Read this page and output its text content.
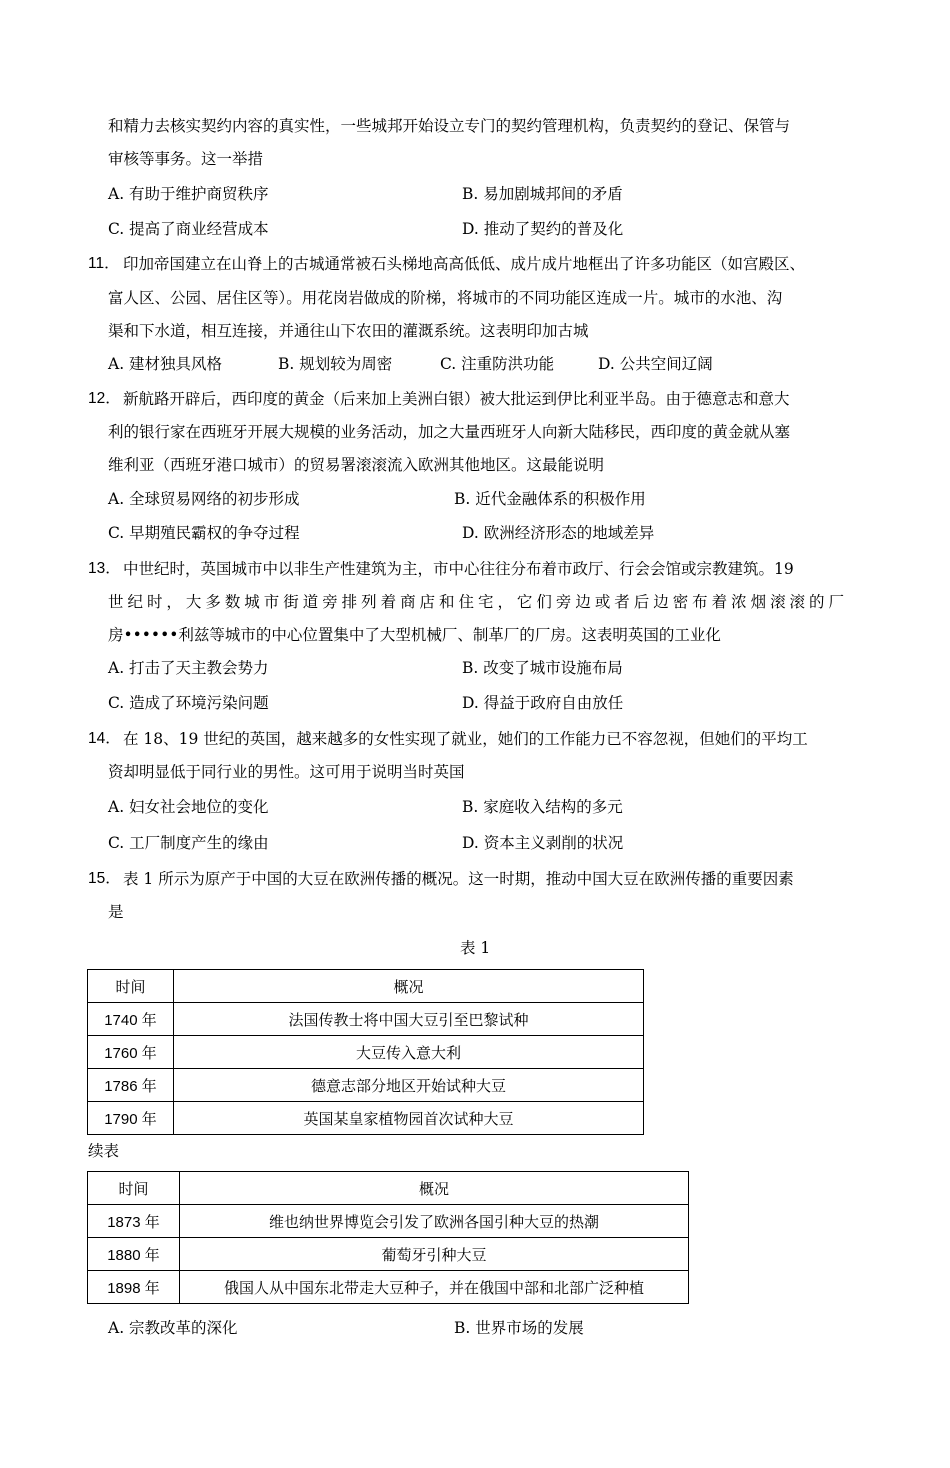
和精力去核实契约内容的真实性，一些城邦开始设立专门的契约管理机构，负责契约的登记、保管与
审核等事务。这一举措
A. 有助于维护商贸秩序	B. 易加剧城邦间的矛盾
C. 提高了商业经营成本	D. 推动了契约的普及化
11． 印加帝国建立在山脊上的古城通常被石头梯地高高低低、成片成片地框出了许多功能区（如宫殿区、
富人区、公园、居住区等）。用花岗岩做成的阶梯，将城市的不同功能区连成一片。城市的水池、沟
渠和下水道，相互连接，并通往山下农田的灌溉系统。这表明印加古城
A. 建材独具风格	B. 规划较为周密	C. 注重防洪功能	D. 公共空间辽阔
12． 新航路开辟后，西印度的黄金（后来加上美洲白银）被大批运到伊比利亚半岛。由于德意志和意大
利的银行家在西班牙开展大规模的业务活动，加之大量西班牙人向新大陆移民，西印度的黄金就从塞
维利亚（西班牙港口城市）的贸易署滚滚流入欧洲其他地区。这最能说明
A. 全球贸易网络的初步形成	B. 近代金融体系的积极作用
C. 早期殖民霸权的争夺过程	D. 欧洲经济形态的地域差异
13． 中世纪时，英国城市中以非生产性建筑为主，市中心往往分布着市政厅、行会会馆或宗教建筑。19
世纪时，大多数城市街道旁排列着商店和住宅，它们旁边或者后边密布着浓烟滚滚的厂
房••••••利兹等城市的中心位置集中了大型机械厂、制革厂的厂房。这表明英国的工业化
A. 打击了天主教会势力	B. 改变了城市设施布局
C. 造成了环境污染问题	D. 得益于政府自由放任
14． 在 18、19 世纪的英国，越来越多的女性实现了就业，她们的工作能力已不容忽视，但她们的平均工
资却明显低于同行业的男性。这可用于说明当时英国
A. 妇女社会地位的变化	B. 家庭收入结构的多元
C. 工厂制度产生的缘由	D. 资本主义剥削的状况
15． 表 1 所示为原产于中国的大豆在欧洲传播的概况。这一时期，推动中国大豆在欧洲传播的重要因素
是
表 1
时间	概况
1740 年	法国传教士将中国大豆引至巴黎试种
1760 年	大豆传入意大利
1786 年	德意志部分地区开始试种大豆
1790 年	英国某皇家植物园首次试种大豆
续表
时间	概况
1873 年	维也纳世界博览会引发了欧洲各国引种大豆的热潮
1880 年	葡萄牙引种大豆
1898 年	俄国人从中国东北带走大豆种子，并在俄国中部和北部广泛种植
A. 宗教改革的深化	B. 世界市场的发展
